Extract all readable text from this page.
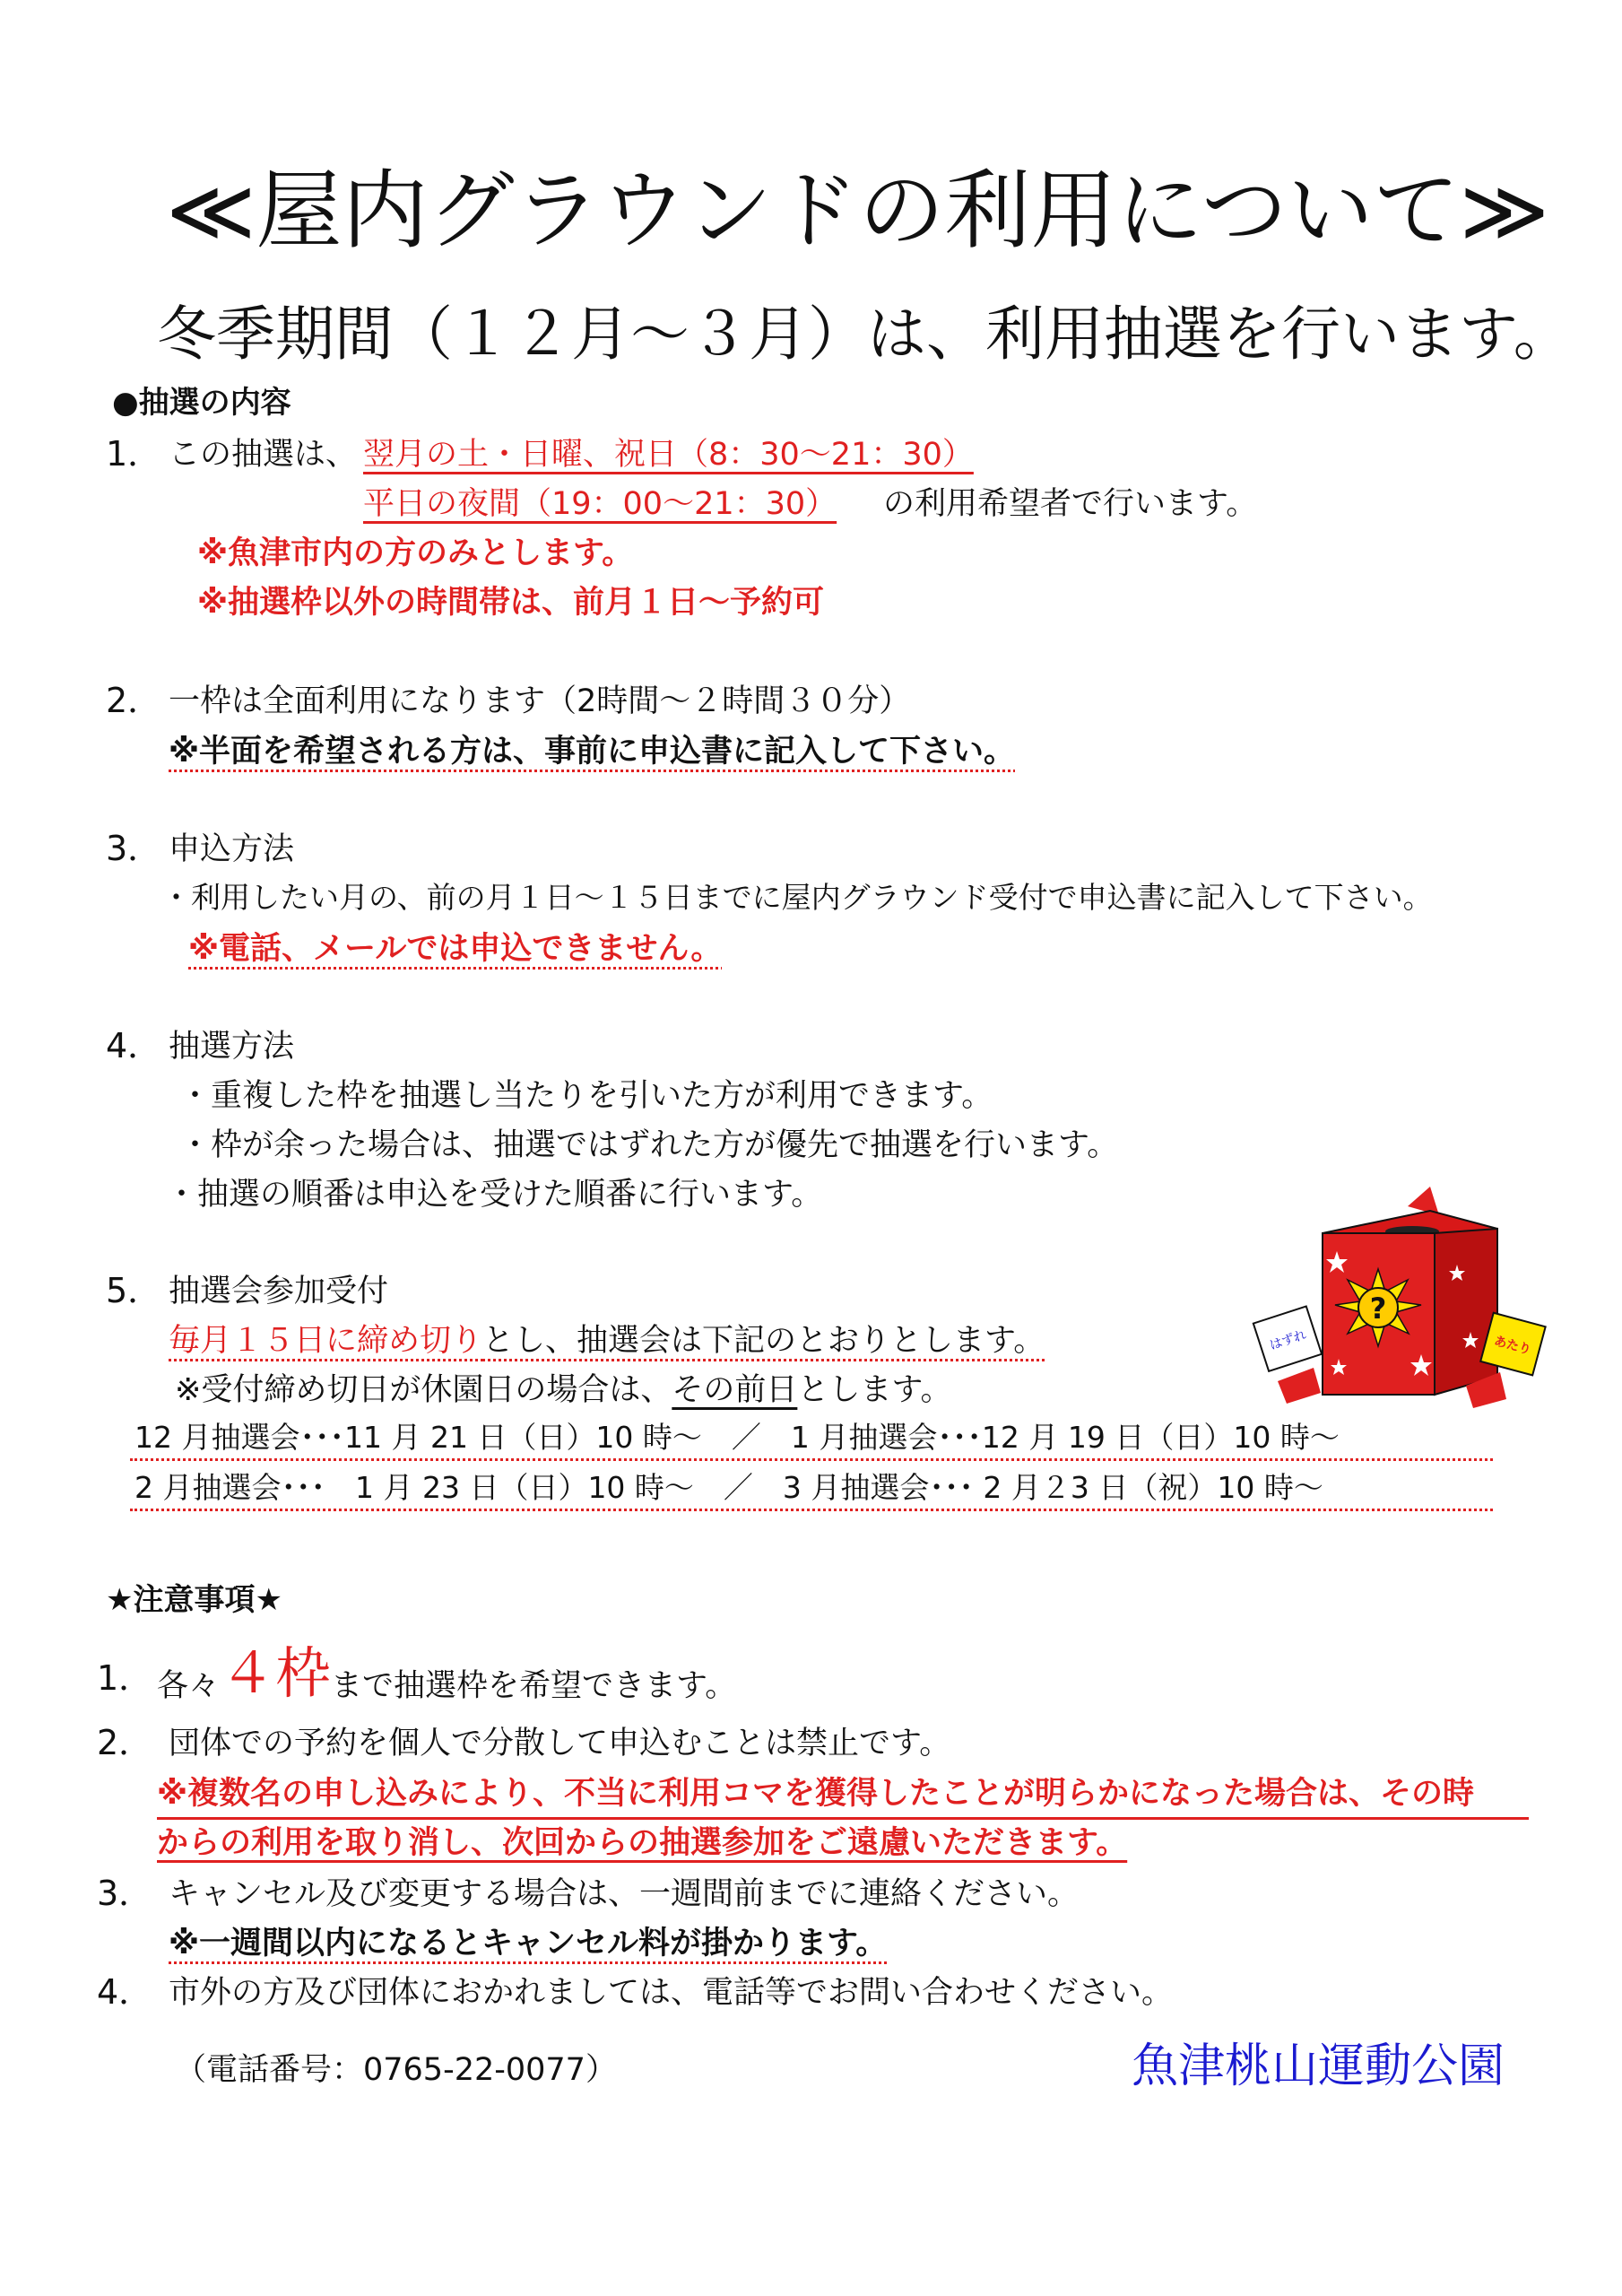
≪屋内グラウンドの利用について≫
冬季期間（１２月～３月）は、利用抽選を行います。
●抽選の内容
1． この抽選は、 翌月の土・日曜、祝日（8：30～21：30）
平日の夜間（19：00～21：30） の利用希望者で行います。
※魚津市内の方のみとします。
※抽選枠以外の時間帯は、前月１日～予約可
2． 一枠は全面利用になります（2時間～２時間３０分）
※半面を希望される方は、事前に申込書に記入して下さい。
3． 申込方法
・利用したい月の、前の月１日～１５日までに屋内グラウンド受付で申込書に記入して下さい。
※電話、メールでは申込できません。
4． 抽選方法
・重複した枠を抽選し当たりを引いた方が利用できます。
・枠が余った場合は、抽選ではずれた方が優先で抽選を行います。
・抽選の順番は申込を受けた順番に行います。
5． 抽選会参加受付
毎月１５日に締め切りとし、抽選会は下記のとおりとします。
※受付締め切日が休園日の場合は、その前日とします。
12 月抽選会･･･11 月 21 日（日）10 時～　／　1 月抽選会･･･12 月 19 日（日）10 時～
2 月抽選会･･･　1 月 23 日（日）10 時～　／　3 月抽選会･･･ 2 月２3 日（祝）10 時～
?
はずれ	あたり
★注意事項★
1． 各々４枠まで抽選枠を希望できます。
2． 団体での予約を個人で分散して申込むことは禁止です。
※複数名の申し込みにより、不当に利用コマを獲得したことが明らかになった場合は、その時
からの利用を取り消し、次回からの抽選参加をご遠慮いただきます。
3． キャンセル及び変更する場合は、一週間前までに連絡ください。
※一週間以内になるとキャンセル料が掛かります。
4． 市外の方及び団体におかれましては、電話等でお問い合わせください。
（電話番号：0765-22-0077）	魚津桃山運動公園
